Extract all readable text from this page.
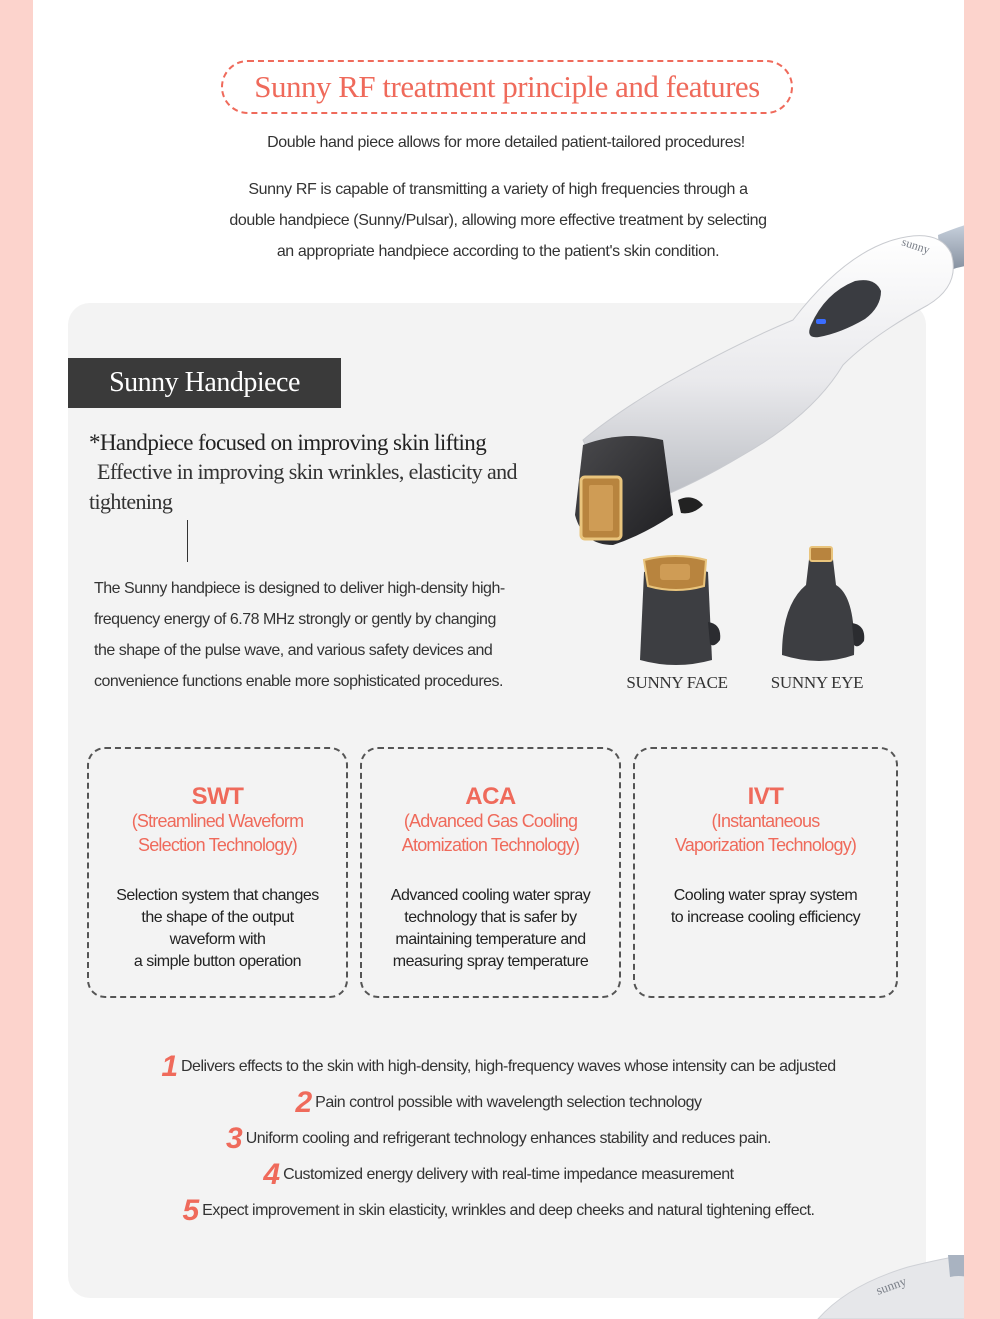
Sunny RF treatment principle and features
Double hand piece allows for more detailed patient-tailored procedures!
Sunny RF is capable of transmitting a variety of high frequencies through a
double handpiece (Sunny/Pulsar), allowing more effective treatment by selecting
an appropriate handpiece according to the patient's skin condition.
Sunny Handpiece
*Handpiece focused on improving skin lifting
Effective in improving skin wrinkles, elasticity and tightening
The Sunny handpiece is designed to deliver high-density high-
frequency energy of 6.78 MHz strongly or gently by changing
the shape of the pulse wave, and various safety devices and
convenience functions enable more sophisticated procedures.
sunny
SUNNY FACE	SUNNY EYE
SWT
(Streamlined Waveform
Selection Technology)
Selection system that changes
the shape of the output
waveform with
a simple button operation
ACA
(Advanced Gas Cooling
Atomization Technology)
Advanced cooling water spray
technology that is safer by
maintaining temperature and
measuring spray temperature
IVT
(Instantaneous
Vaporization Technology)
Cooling water spray system
to increase cooling efficiency
1 Delivers effects to the skin with high-density, high-frequency waves whose intensity can be adjusted
2 Pain control possible with wavelength selection technology
3 Uniform cooling and refrigerant technology enhances stability and reduces pain.
4 Customized energy delivery with real-time impedance measurement
5 Expect improvement in skin elasticity, wrinkles and deep cheeks and natural tightening effect.
sunny
